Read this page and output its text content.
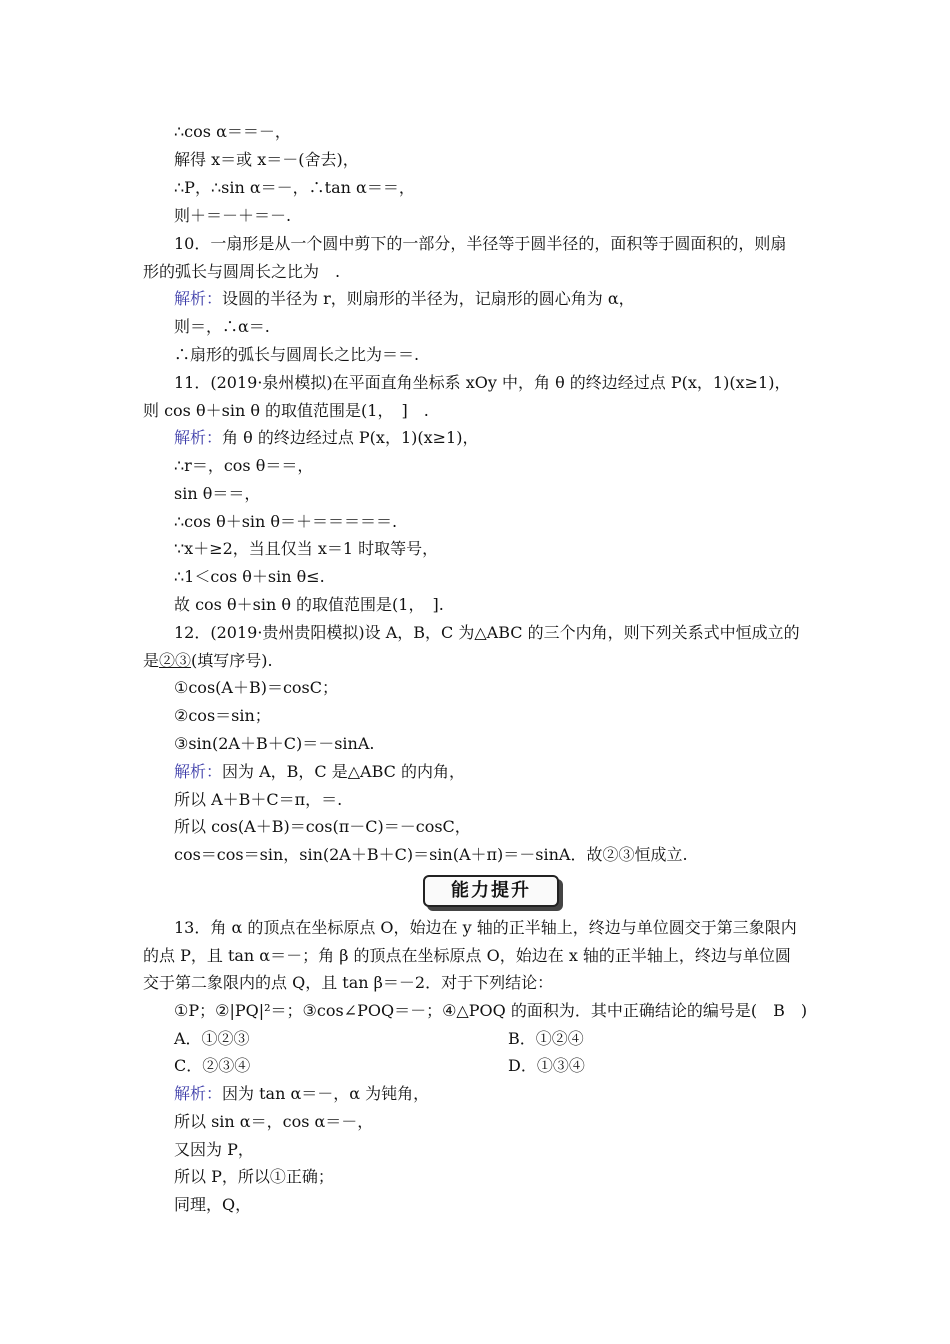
∴cos α＝＝－，
解得 x＝或 x＝－(舍去)，
∴P，∴sin α＝－，∴tan α＝＝，
则＋＝－＋＝－.
10．一扇形是从一个圆中剪下的一部分，半径等于圆半径的，面积等于圆面积的，则扇
形的弧长与圆周长之比为　.
解析：设圆的半径为 r，则扇形的半径为，记扇形的圆心角为 α，
则＝，∴α＝.
∴扇形的弧长与圆周长之比为＝＝.
11．(2019·泉州模拟)在平面直角坐标系 xOy 中，角 θ 的终边经过点 P(x，1)(x≥1)，
则 cos θ＋sin θ 的取值范围是(1，　]　.
解析：角 θ 的终边经过点 P(x，1)(x≥1)，
∴r＝，cos θ＝＝，
sin θ＝＝，
∴cos θ＋sin θ＝＋＝＝＝＝＝.
∵x＋≥2，当且仅当 x＝1 时取等号，
∴1＜cos θ＋sin θ≤.
故 cos θ＋sin θ 的取值范围是(1，　].
12．(2019·贵州贵阳模拟)设 A，B，C 为△ABC 的三个内角，则下列关系式中恒成立的
是②③(填写序号).
①cos(A＋B)＝cosC；
②cos＝sin；
③sin(2A＋B＋C)＝－sinA.
解析：因为 A，B，C 是△ABC 的内角，
所以 A＋B＋C＝π，＝.
所以 cos(A＋B)＝cos(π－C)＝－cosC，
cos＝cos＝sin，sin(2A＋B＋C)＝sin(A＋π)＝－sinA．故②③恒成立.
能力提升
13．角 α 的顶点在坐标原点 O，始边在 y 轴的正半轴上，终边与单位圆交于第三象限内
的点 P，且 tan α＝－；角 β 的顶点在坐标原点 O，始边在 x 轴的正半轴上，终边与单位圆
交于第二象限内的点 Q，且 tan β＝－2．对于下列结论：
①P；②|PQ|²＝；③cos∠POQ＝－；④△POQ 的面积为．其中正确结论的编号是(　B　)
A．①②③	B．①②④
C．②③④	D．①③④
解析：因为 tan α＝－，α 为钝角，
所以 sin α＝，cos α＝－，
又因为 P，
所以 P，所以①正确；
同理，Q，
